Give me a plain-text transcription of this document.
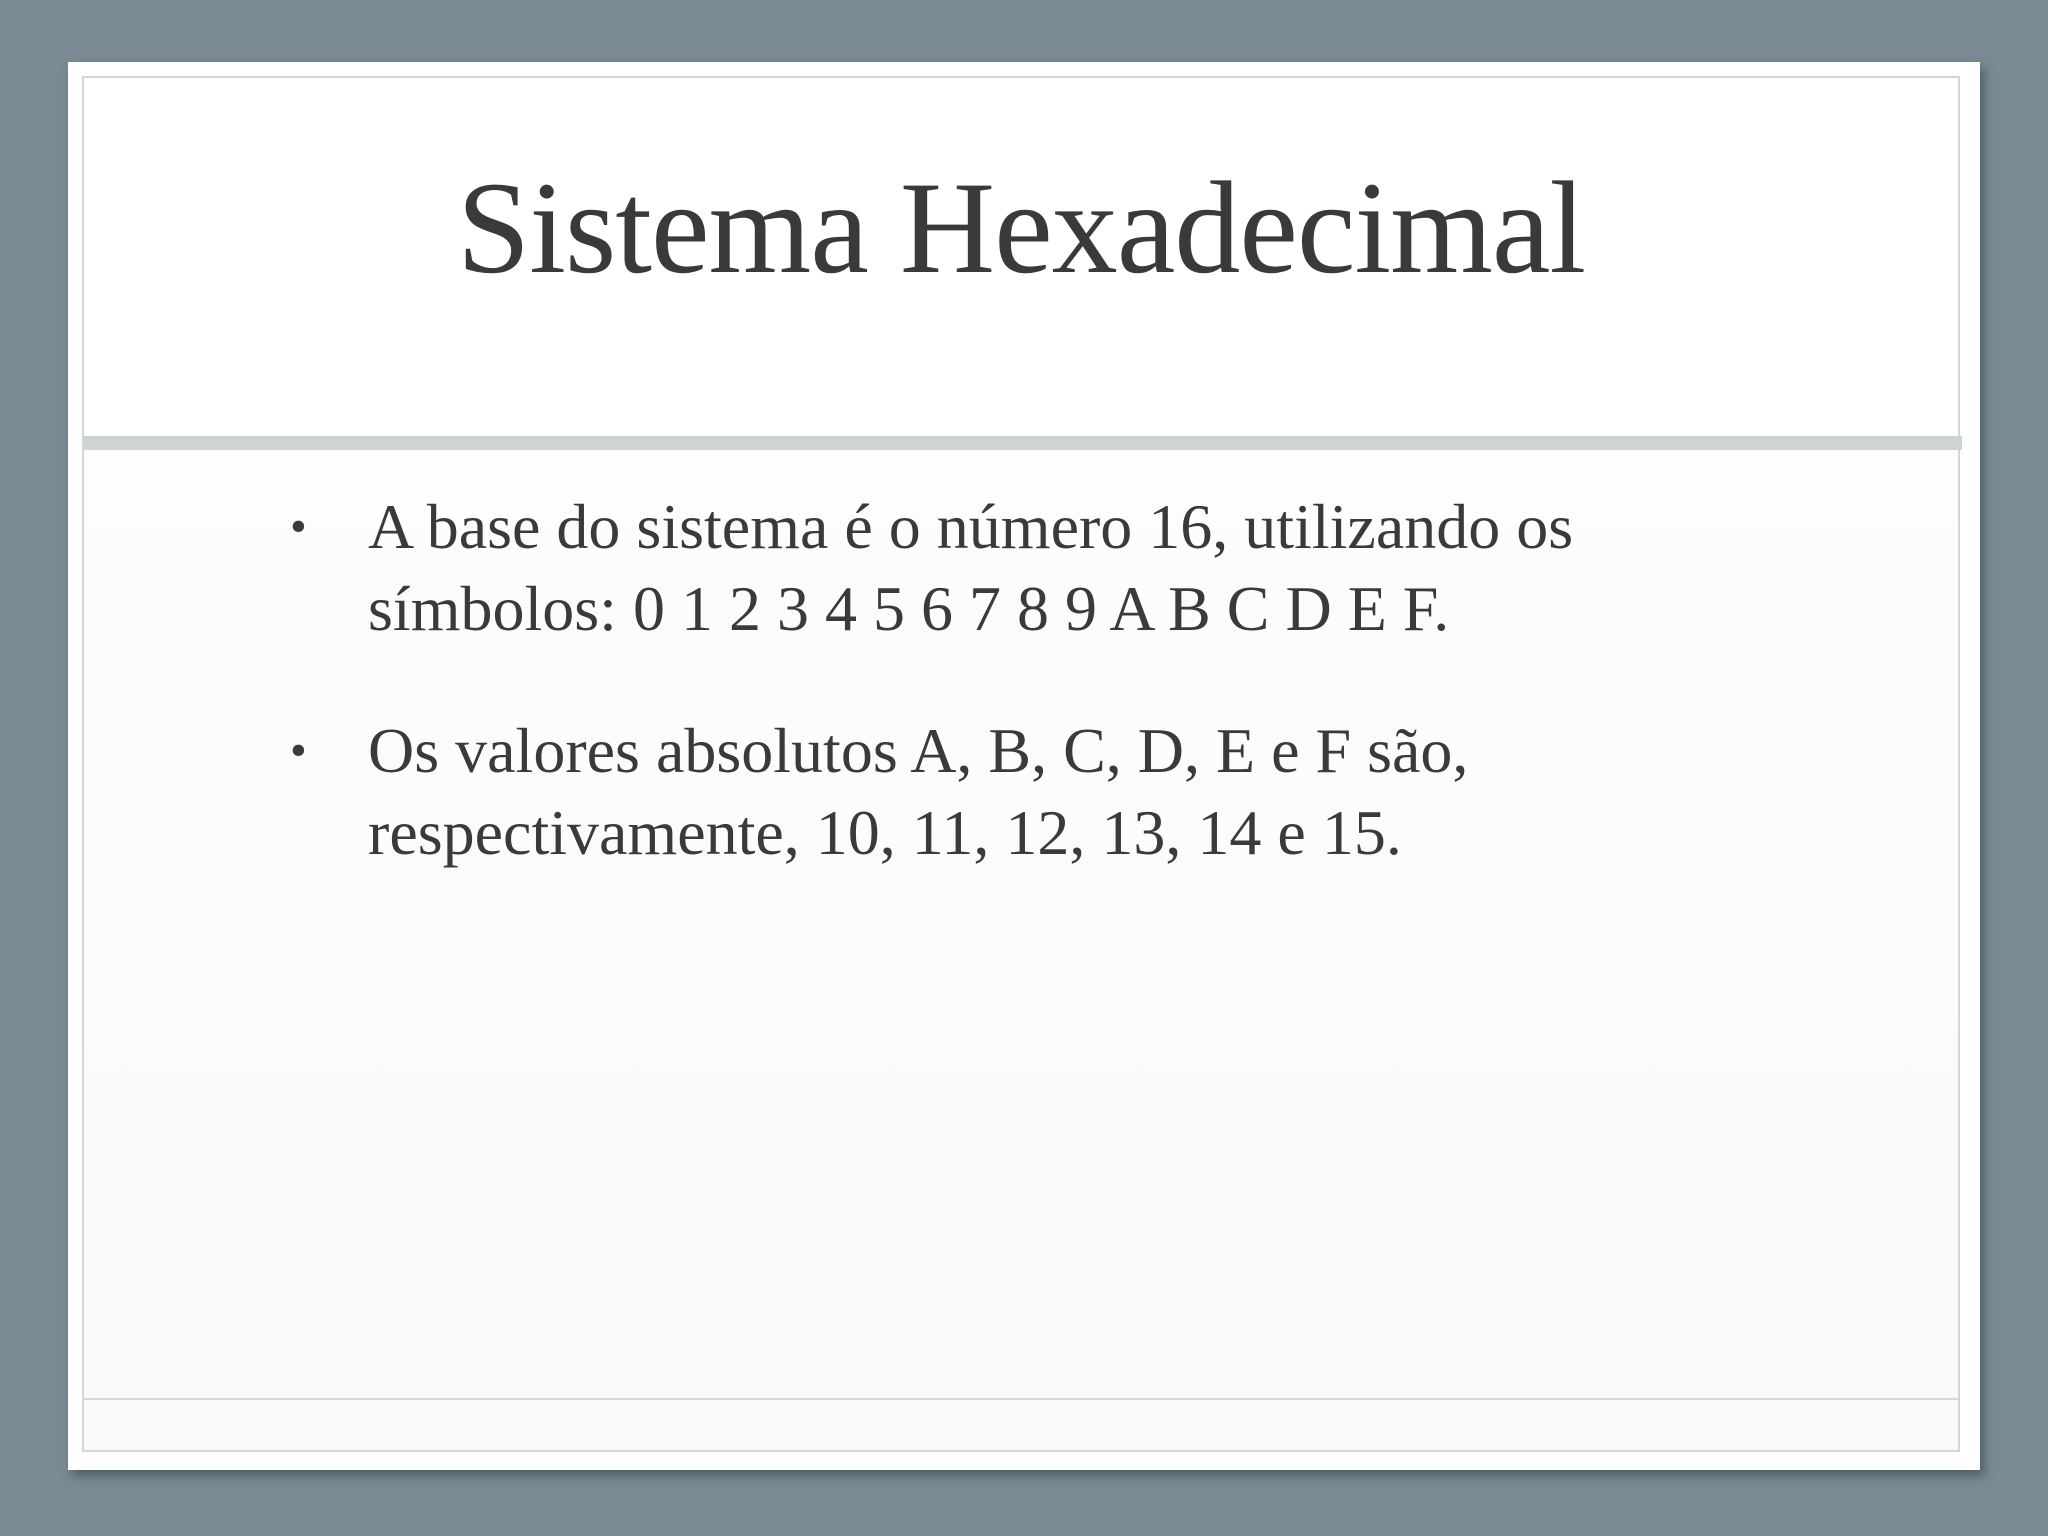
Sistema Hexadecimal
• A base do sistema é o número 16, utilizando os
símbolos: 0 1 2 3 4 5 6 7 8 9 A B C D E F.
• Os valores absolutos A, B, C, D, E e F são,
respectivamente, 10, 11, 12, 13, 14 e 15.
